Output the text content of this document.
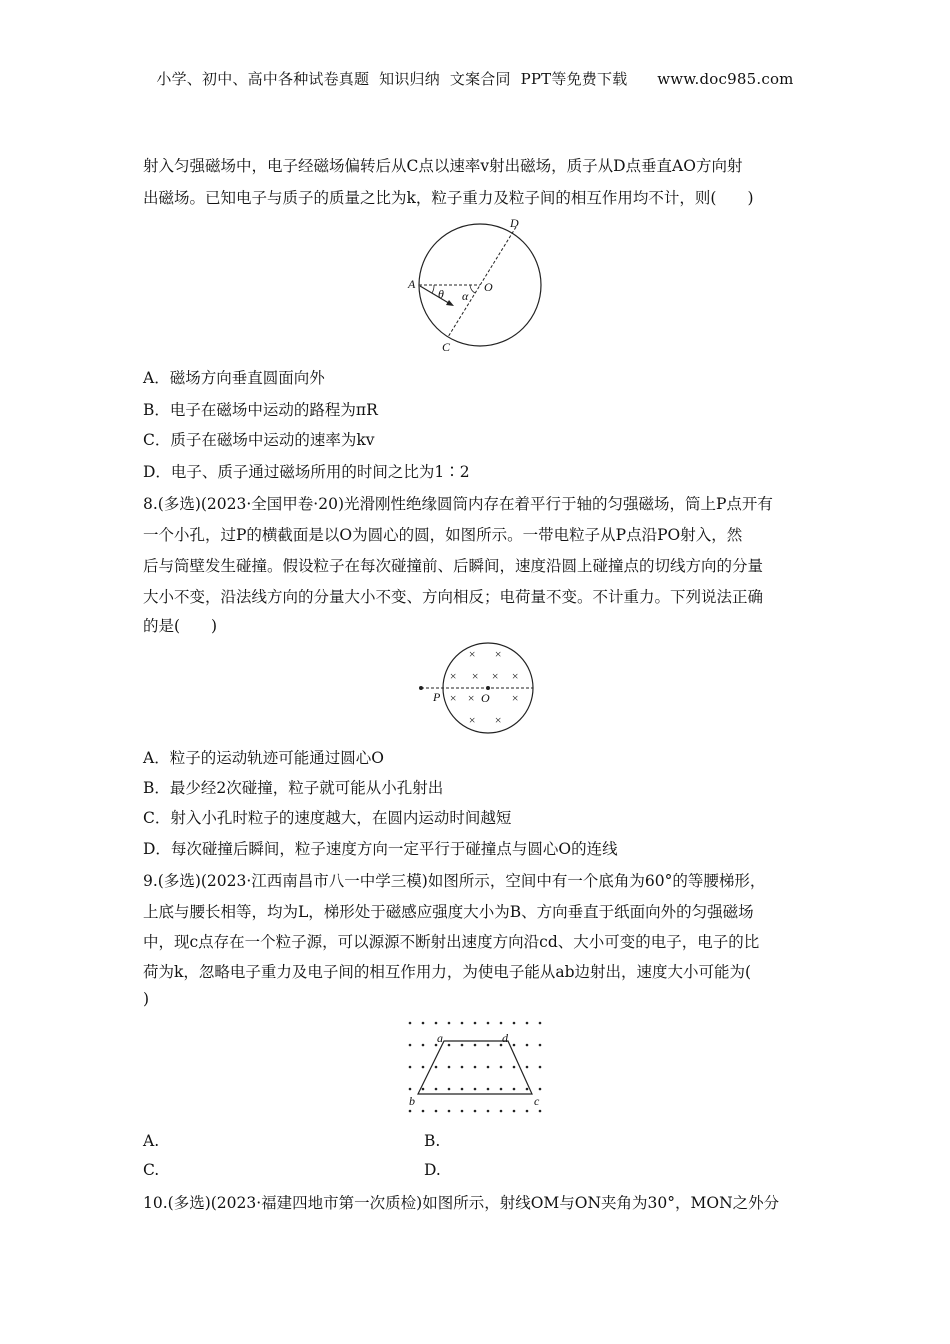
小学、初中、高中各种试卷真题  知识归纳  文案合同  PPT等免费下载      www.doc985.com
射入匀强磁场中，电子经磁场偏转后从C点以速率v射出磁场，质子从D点垂直AO方向射
出磁场。已知电子与质子的质量之比为k，粒子重力及粒子间的相互作用均不计，则(　　)
A
θ α
O
D
C
A．磁场方向垂直圆面向外
B．电子在磁场中运动的路程为πR
C．质子在磁场中运动的速率为kv
D．电子、质子通过磁场所用的时间之比为1∶2
8.(多选)(2023·全国甲卷·20)光滑刚性绝缘圆筒内存在着平行于轴的匀强磁场，筒上P点开有
一个小孔，过P的横截面是以O为圆心的圆，如图所示。一带电粒子从P点沿PO射入，然
后与筒壁发生碰撞。假设粒子在每次碰撞前、后瞬间，速度沿圆上碰撞点的切线方向的分量
大小不变，沿法线方向的分量大小不变、方向相反；电荷量不变。不计重力。下列说法正确
的是(　　)
P	O
× ×
× × × ×
× ×	×
× ×
A．粒子的运动轨迹可能通过圆心O
B．最少经2次碰撞，粒子就可能从小孔射出
C．射入小孔时粒子的速度越大，在圆内运动时间越短
D．每次碰撞后瞬间，粒子速度方向一定平行于碰撞点与圆心O的连线
9.(多选)(2023·江西南昌市八一中学三模)如图所示，空间中有一个底角为60°的等腰梯形，
上底与腰长相等，均为L，梯形处于磁感应强度大小为B、方向垂直于纸面向外的匀强磁场
中，现c点存在一个粒子源，可以源源不断射出速度方向沿cd、大小可变的电子，电子的比
荷为k，忽略电子重力及电子间的相互作用力，为使电子能从ab边射出，速度大小可能为(
)
a	d
b	c
A.	B.
C.	D.
10.(多选)(2023·福建四地市第一次质检)如图所示，射线OM与ON夹角为30°，MON之外分
